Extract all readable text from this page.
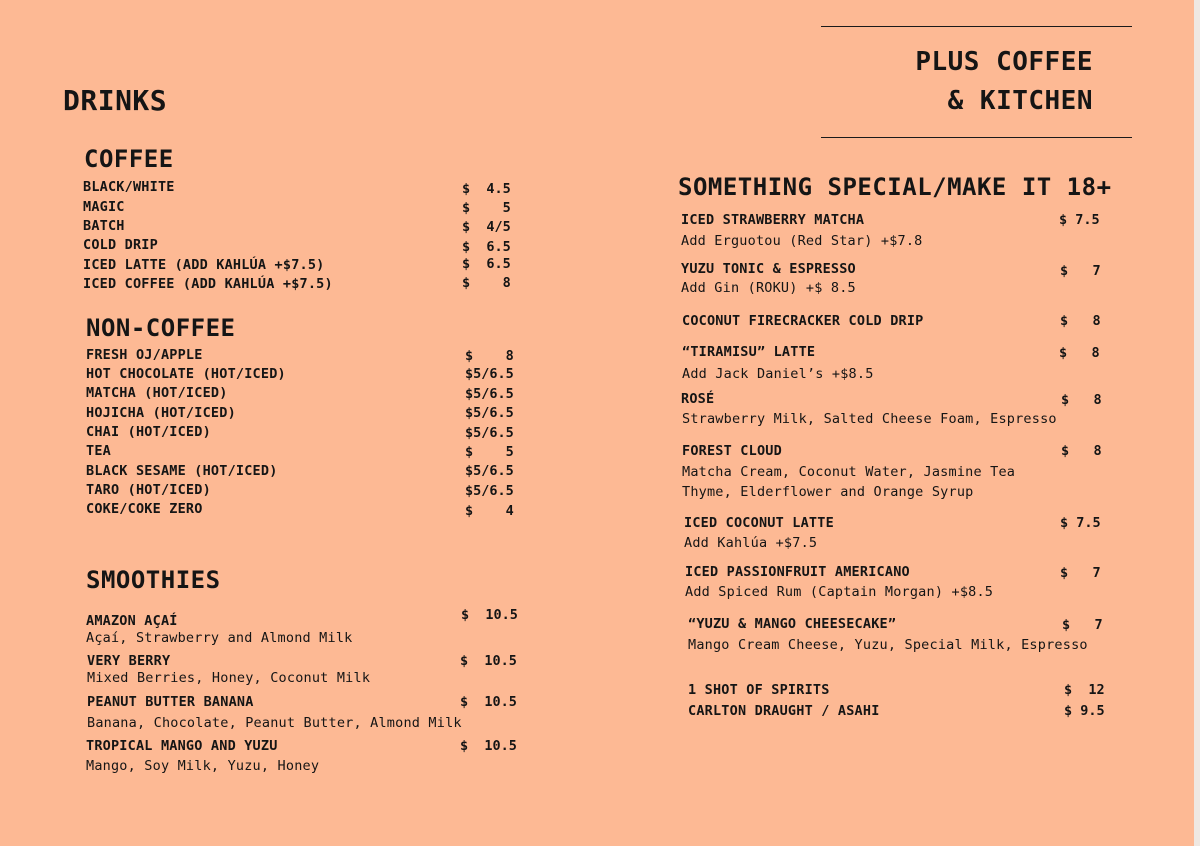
DRINKS
PLUS COFFEE
& KITCHEN
COFFEE
BLACK/WHITE	$  4.5
MAGIC	$    5
BATCH	$  4/5
COLD DRIP	$  6.5
ICED LATTE (ADD KAHLÚA +$7.5)	$  6.5
ICED COFFEE (ADD KAHLÚA +$7.5)	$    8
NON-COFFEE
FRESH OJ/APPLE	$    8
HOT CHOCOLATE (HOT/ICED)	$5/6.5
MATCHA (HOT/ICED)	$5/6.5
HOJICHA (HOT/ICED)	$5/6.5
CHAI (HOT/ICED)	$5/6.5
TEA	$    5
BLACK SESAME (HOT/ICED)	$5/6.5
TARO (HOT/ICED)	$5/6.5
COKE/COKE ZERO	$    4
SMOOTHIES
AMAZON AÇAÍ	$  10.5
Açaí, Strawberry and Almond Milk
VERY BERRY	$  10.5
Mixed Berries, Honey, Coconut Milk
PEANUT BUTTER BANANA	$  10.5
Banana, Chocolate, Peanut Butter, Almond Milk
TROPICAL MANGO AND YUZU	$  10.5
Mango, Soy Milk, Yuzu, Honey
SOMETHING SPECIAL/MAKE IT 18+
ICED STRAWBERRY MATCHA	$ 7.5
Add Erguotou (Red Star) +$7.8
YUZU TONIC & ESPRESSO	$   7
Add Gin (ROKU) +$ 8.5
COCONUT FIRECRACKER COLD DRIP	$   8
“TIRAMISU” LATTE	$   8
Add Jack Daniel’s +$8.5
ROSÉ	$   8
Strawberry Milk, Salted Cheese Foam, Espresso
FOREST CLOUD	$   8
Matcha Cream, Coconut Water, Jasmine Tea
Thyme, Elderflower and Orange Syrup
ICED COCONUT LATTE	$ 7.5
Add Kahlúa +$7.5
ICED PASSIONFRUIT AMERICANO	$   7
Add Spiced Rum (Captain Morgan) +$8.5
“YUZU & MANGO CHEESECAKE”	$   7
Mango Cream Cheese, Yuzu, Special Milk, Espresso
1 SHOT OF SPIRITS	$  12
CARLTON DRAUGHT / ASAHI	$ 9.5
